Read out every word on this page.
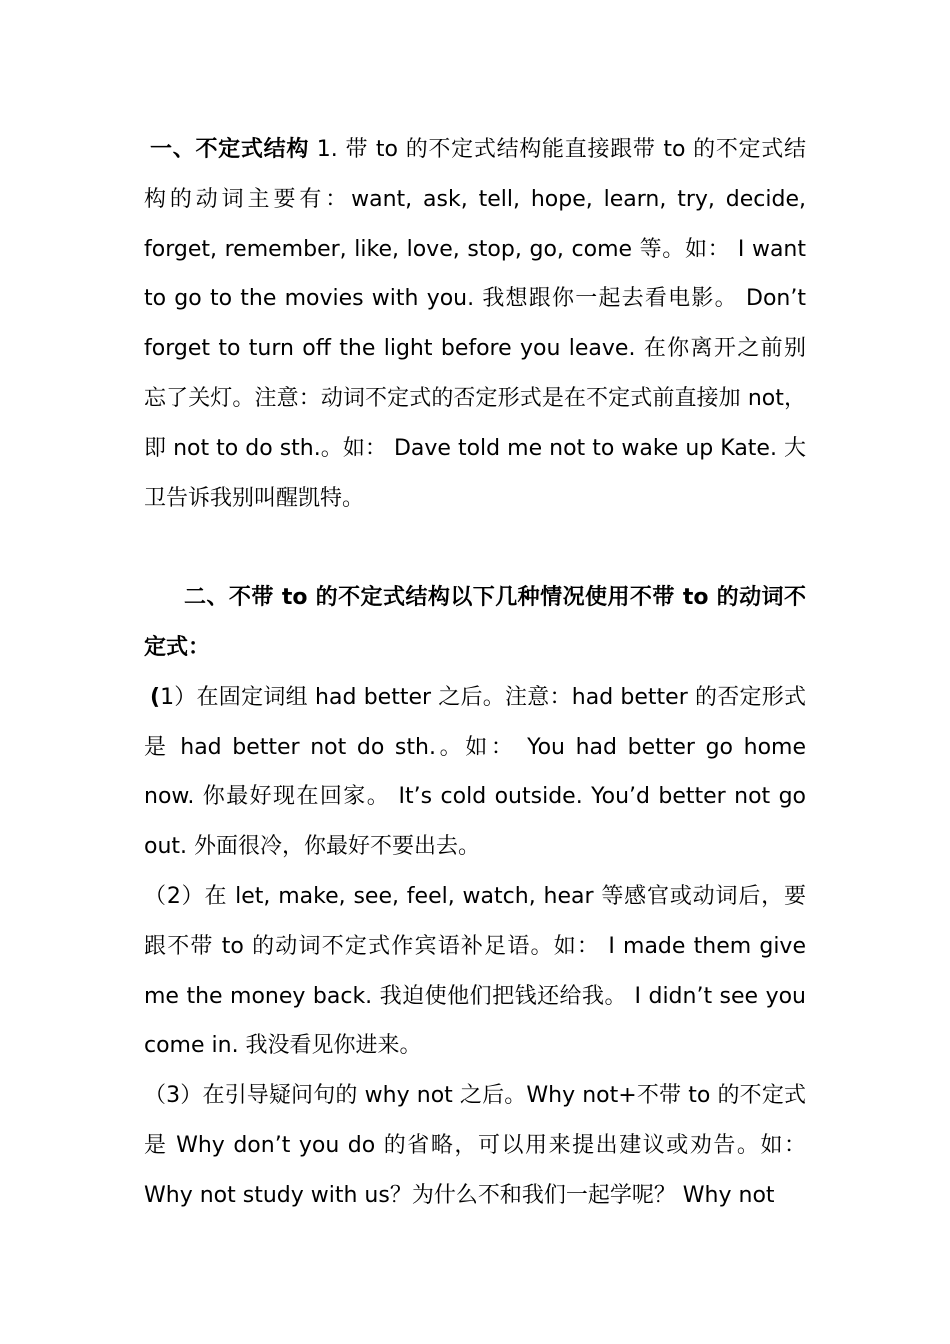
一、不定式结构 1. 带 to 的不定式结构能直接跟带 to 的不定式结构的动词主要有：want, ask, tell, hope, learn, try, decide, forget, remember, like, love, stop, go, come 等。如： I want to go to the movies with you. 我想跟你一起去看电影。 Don’t forget to turn off the light before you leave. 在你离开之前别忘了关灯。注意：动词不定式的否定形式是在不定式前直接加 not，即 not to do sth.。如： Dave told me not to wake up Kate. 大卫告诉我别叫醒凯特。

二、不带 to 的不定式结构以下几种情况使用不带 to 的动词不定式：

(1）在固定词组 had better 之后。注意：had better 的否定形式是 had better not do sth.。如： You had better go home now. 你最好现在回家。 It’s cold outside. You’d better not go out. 外面很冷，你最好不要出去。

（2）在 let, make, see, feel, watch, hear 等感官或动词后，要跟不带 to 的动词不定式作宾语补足语。如： I made them give me the money back. 我迫使他们把钱还给我。 I didn’t see you come in. 我没看见你进来。

（3）在引导疑问句的 why not 之后。Why not+不带 to 的不定式是 Why don’t you do 的省略，可以用来提出建议或劝告。如：Why not study with us？为什么不和我们一起学呢？ Why not
